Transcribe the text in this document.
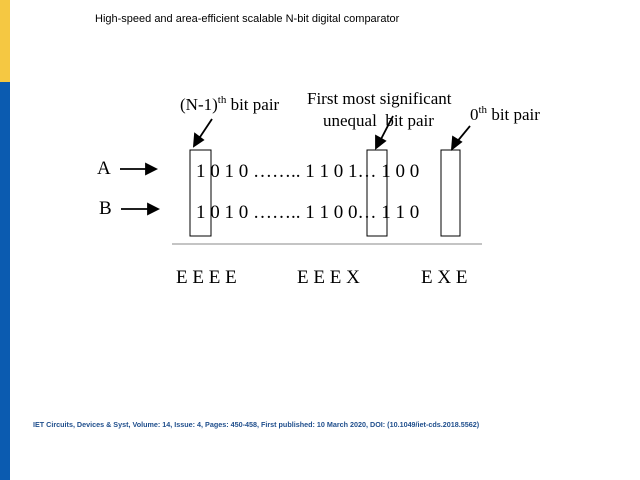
High-speed and area-efficient scalable N-bit digital comparator
$(N-1)^{th}$ bit pair First most significant
unequal  bit pair 0th bit pair
A	1 0 1 0 …….. 1 1 0 1… 1 0 0
B	1 0 1 0 …….. 1 1 0 0… 1 1 0
E E E E	E E E X	E X E
IET Circuits, Devices & Syst, Volume: 14, Issue: 4, Pages: 450-458, First published: 10 March 2020, DOI: (10.1049/iet-cds.2018.5562)
